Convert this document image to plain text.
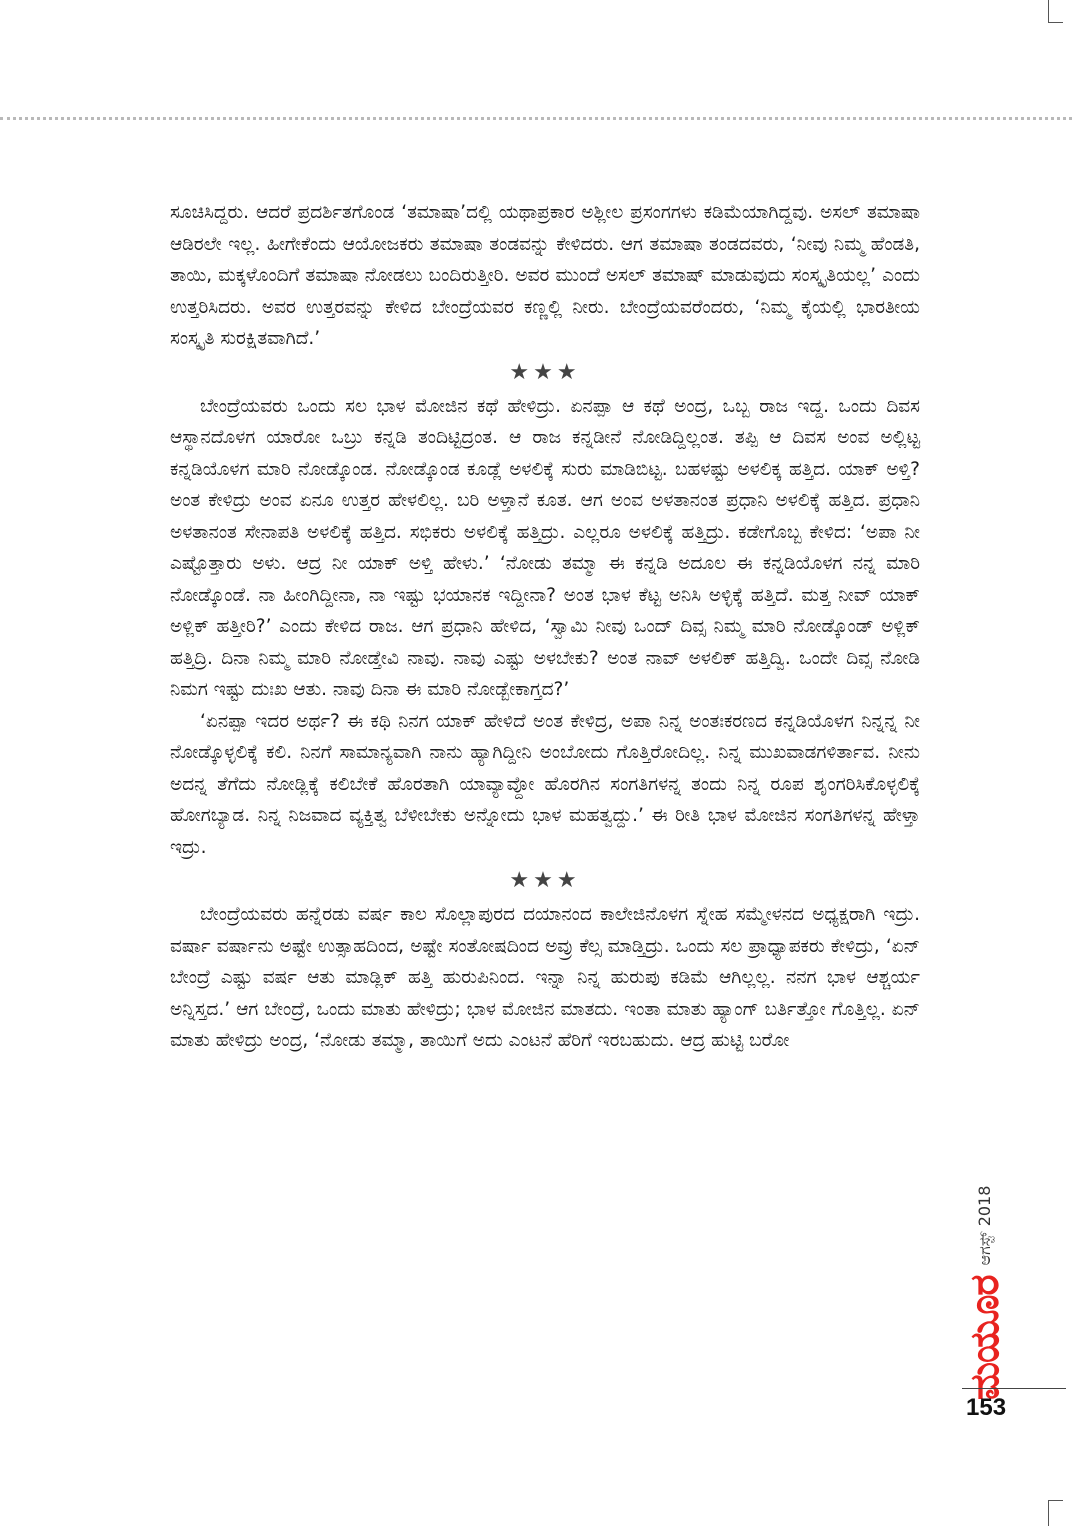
ಸೂಚಿಸಿದ್ದರು. ಆದರೆ ಪ್ರದರ್ಶಿತಗೊಂಡ ‘ತಮಾಷಾ’ದಲ್ಲಿ ಯಥಾಪ್ರಕಾರ ಅಶ್ಲೀಲ ಪ್ರಸಂಗಗಳು ಕಡಿಮೆಯಾಗಿದ್ದವು. ಅಸಲ್ ತಮಾಷಾ ಆಡಿರಲೇ ಇಲ್ಲ. ಹೀಗೇಕೆಂದು ಆಯೋಜಕರು ತಮಾಷಾ ತಂಡವನ್ನು ಕೇಳಿದರು. ಆಗ ತಮಾಷಾ ತಂಡದವರು, ‘ನೀವು ನಿಮ್ಮ ಹೆಂಡತಿ, ತಾಯಿ, ಮಕ್ಕಳೊಂದಿಗೆ ತಮಾಷಾ ನೋಡಲು ಬಂದಿರುತ್ತೀರಿ. ಅವರ ಮುಂದೆ ಅಸಲ್ ತಮಾಷ್ ಮಾಡುವುದು ಸಂಸ್ಕೃತಿಯಲ್ಲ’ ಎಂದು ಉತ್ತರಿಸಿದರು. ಅವರ ಉತ್ತರವನ್ನು ಕೇಳಿದ ಬೇಂದ್ರೆಯವರ ಕಣ್ಣಲ್ಲಿ ನೀರು. ಬೇಂದ್ರೆಯವರೆಂದರು, ‘ನಿಮ್ಮ ಕೈಯಲ್ಲಿ ಭಾರತೀಯ ಸಂಸ್ಕೃತಿ ಸುರಕ್ಷಿತವಾಗಿದೆ.’

★★★

ಬೇಂದ್ರೆಯವರು ಒಂದು ಸಲ ಭಾಳ ಮೋಜಿನ ಕಥೆ ಹೇಳಿದ್ರು. ಏನಪ್ಪಾ ಆ ಕಥೆ ಅಂದ್ರ, ಒಬ್ಬ ರಾಜ ಇದ್ದ. ಒಂದು ದಿವಸ ಆಸ್ಥಾನದೊಳಗ ಯಾರೋ ಒಬ್ರು ಕನ್ನಡಿ ತಂದಿಟ್ಟಿದ್ರಂತ. ಆ ರಾಜ ಕನ್ನಡೀನೆ ನೋಡಿದ್ದಿಲ್ಲಂತ. ತಪ್ಪಿ ಆ ದಿವಸ ಅಂವ ಅಲ್ಲಿಟ್ಟ ಕನ್ನಡಿಯೊಳಗ ಮಾರಿ ನೋಡ್ಕೊಂಡ. ನೋಡ್ಕೊಂಡ ಕೂಡ್ಲೆ ಅಳಲಿಕ್ಕೆ ಸುರು ಮಾಡಿಬಿಟ್ಟ. ಬಹಳಷ್ಟು ಅಳಲಿಕ್ಕ ಹತ್ತಿದ. ಯಾಕ್ ಅಳ್ತಿ? ಅಂತ ಕೇಳಿದ್ರು ಅಂವ ಏನೂ ಉತ್ತರ ಹೇಳಲಿಲ್ಲ. ಬರಿ ಅಳ್ತಾನೆ ಕೂತ. ಆಗ ಅಂವ ಅಳತಾನಂತ ಪ್ರಧಾನಿ ಅಳಲಿಕ್ಕೆ ಹತ್ತಿದ. ಪ್ರಧಾನಿ ಅಳತಾನಂತ ಸೇನಾಪತಿ ಅಳಲಿಕ್ಕೆ ಹತ್ತಿದ. ಸಭಿಕರು ಅಳಲಿಕ್ಕೆ ಹತ್ತಿದ್ರು. ಎಲ್ಲರೂ ಅಳಲಿಕ್ಕೆ ಹತ್ತಿದ್ರು. ಕಡೇಗೊಬ್ಬ ಕೇಳಿದ: ‘ಅಪಾ ನೀ ಎಷ್ಟೊತ್ತಾರು ಅಳು. ಆದ್ರ ನೀ ಯಾಕ್ ಅಳ್ತಿ ಹೇಳು.’ ‘ನೋಡು ತಮ್ಮಾ ಈ ಕನ್ನಡಿ ಅದೂಲ ಈ ಕನ್ನಡಿಯೊಳಗ ನನ್ನ ಮಾರಿ ನೋಡ್ಕೊಂಡೆ. ನಾ ಹೀಂಗಿದ್ದೀನಾ, ನಾ ಇಷ್ಟು ಭಯಾನಕ ಇದ್ದೀನಾ? ಅಂತ ಭಾಳ ಕೆಟ್ಟ ಅನಿಸಿ ಅಳ್ಳಿಕ್ಕೆ ಹತ್ತಿದೆ. ಮತ್ತ ನೀವ್ ಯಾಕ್ ಅಳ್ಲಿಕ್ ಹತ್ತೀರಿ?’ ಎಂದು ಕೇಳಿದ ರಾಜ. ಆಗ ಪ್ರಧಾನಿ ಹೇಳಿದ, ‘ಸ್ವಾಮಿ ನೀವು ಒಂದ್ ದಿವ್ಸ ನಿಮ್ಮ ಮಾರಿ ನೋಡ್ಕೊಂಡ್ ಅಳ್ಲಿಕ್ ಹತ್ತಿದ್ರಿ. ದಿನಾ ನಿಮ್ಮ ಮಾರಿ ನೋಡ್ತೇವಿ ನಾವು. ನಾವು ಎಷ್ಟು ಅಳಬೇಕು? ಅಂತ ನಾವ್ ಅಳಲಿಕ್ ಹತ್ತಿದ್ವಿ. ಒಂದೇ ದಿವ್ಸ ನೋಡಿ ನಿಮಗ ಇಷ್ಟು ದುಃಖ ಆತು. ನಾವು ದಿನಾ ಈ ಮಾರಿ ನೋಡ್ಬೇಕಾಗ್ತದ?’

‘ಏನಪ್ಪಾ ಇದರ ಅರ್ಥ? ಈ ಕಥಿ ನಿನಗ ಯಾಕ್ ಹೇಳಿದೆ ಅಂತ ಕೇಳಿದ್ರ, ಅಪಾ ನಿನ್ನ ಅಂತಃಕರಣದ ಕನ್ನಡಿಯೊಳಗ ನಿನ್ನನ್ನ ನೀ ನೋಡ್ಕೊಳ್ಳಲಿಕ್ಕೆ ಕಲಿ. ನಿನಗೆ ಸಾಮಾನ್ಯವಾಗಿ ನಾನು ಹ್ಯಾಗಿದ್ದೀನಿ ಅಂಬೋದು ಗೊತ್ತಿರೋದಿಲ್ಲ. ನಿನ್ನ ಮುಖವಾಡಗಳಿರ್ತಾವ. ನೀನು ಅದನ್ನ ತೆಗೆದು ನೋಡ್ಲಿಕ್ಕೆ ಕಲಿಬೇಕೆ ಹೊರತಾಗಿ ಯಾವ್ಯಾವ್ದೋ ಹೊರಗಿನ ಸಂಗತಿಗಳನ್ನ ತಂದು ನಿನ್ನ ರೂಪ ಶೃಂಗರಿಸಿಕೊಳ್ಳಲಿಕ್ಕೆ ಹೋಗಬ್ಯಾಡ. ನಿನ್ನ ನಿಜವಾದ ವ್ಯಕ್ತಿತ್ವ ಬೆಳೀಬೇಕು ಅನ್ನೋದು ಭಾಳ ಮಹತ್ವದ್ದು.’ ಈ ರೀತಿ ಭಾಳ ಮೋಜಿನ ಸಂಗತಿಗಳನ್ನ ಹೇಳ್ತಾ ಇದ್ರು.

★★★

ಬೇಂದ್ರೆಯವರು ಹನ್ನೆರಡು ವರ್ಷ ಕಾಲ ಸೊಲ್ಲಾಪುರದ ದಯಾನಂದ ಕಾಲೇಜಿನೊಳಗ ಸ್ನೇಹ ಸಮ್ಮೇಳನದ ಅಧ್ಯಕ್ಷರಾಗಿ ಇದ್ರು. ವರ್ಷಾ ವರ್ಷಾನು ಅಷ್ಟೇ ಉತ್ಸಾಹದಿಂದ, ಅಷ್ಟೇ ಸಂತೋಷದಿಂದ ಅವ್ರು ಕೆಲ್ಸ ಮಾಡ್ತಿದ್ರು. ಒಂದು ಸಲ ಪ್ರಾಧ್ಯಾಪಕರು ಕೇಳಿದ್ರು, ‘ಏನ್ ಬೇಂದ್ರೆ ಎಷ್ಟು ವರ್ಷ ಆತು ಮಾಡ್ಲಿಕ್ ಹತ್ತಿ ಹುರುಪಿನಿಂದ. ಇನ್ನಾ ನಿನ್ನ ಹುರುಪು ಕಡಿಮೆ ಆಗಿಲ್ಲಲ್ಲ. ನನಗ ಭಾಳ ಆಶ್ಚರ್ಯ ಅನ್ನಿಸ್ತದ.’ ಆಗ ಬೇಂದ್ರೆ, ಒಂದು ಮಾತು ಹೇಳಿದ್ರು; ಭಾಳ ಮೋಜಿನ ಮಾತದು. ಇಂತಾ ಮಾತು ಹ್ಯಾಂಗ್ ಬರ್ತಿತ್ತೋ ಗೊತ್ತಿಲ್ಲ. ಏನ್ ಮಾತು ಹೇಳಿದ್ರು ಅಂದ್ರ, ‘ನೋಡು ತಮ್ಮಾ, ತಾಯಿಗೆ ಅದು ಎಂಟನೆ ಹೆರಿಗೆ ಇರಬಹುದು. ಆದ್ರ ಹುಟ್ಟಿ ಬರೋ

ಮಯೂರ
ಆಗಸ್ಟ್ 2018
153
